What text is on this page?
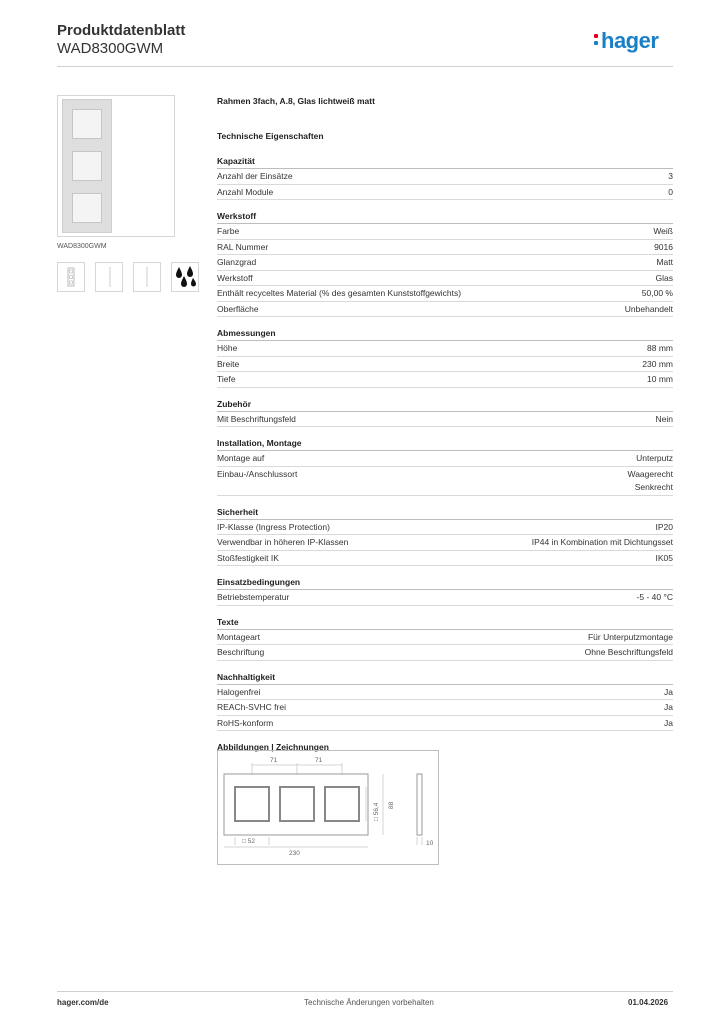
Produktdatenblatt
WAD8300GWM	hager
WAD8300GWM
Rahmen 3fach, A.8, Glas lichtweiß matt
Technische Eigenschaften
Kapazität
Anzahl der Einsätze	3
Anzahl Module	0
Werkstoff
Farbe	Weiß
RAL Nummer	9016
Glanzgrad	Matt
Werkstoff	Glas
Enthält recyceltes Material (% des gesamten Kunststoffgewichts)	50,00 %
Oberfläche	Unbehandelt
Abmessungen
Höhe	88 mm
Breite	230 mm
Tiefe	10 mm
Zubehör
Mit Beschriftungsfeld	Nein
Installation, Montage
Montage auf	Unterputz
Einbau-/Anschlussort	Waagerecht
Senkrecht
Sicherheit
IP-Klasse (Ingress Protection)	IP20
Verwendbar in höheren IP-Klassen	IP44 in Kombination mit Dichtungsset
Stoßfestigkeit IK	IK05
Einsatzbedingungen
Betriebstemperatur	-5 - 40 °C
Texte
Montageart	Für Unterputzmontage
Beschriftung	Ohne Beschriftungsfeld
Nachhaltigkeit
Halogenfrei	Ja
REACh-SVHC frei	Ja
RoHS-konform	Ja
Abbildungen | Zeichnungen
71	71
□ 56,4 88
□ 52
230
10
hager.com/de	Technische Änderungen vorbehalten	01.04.2026
